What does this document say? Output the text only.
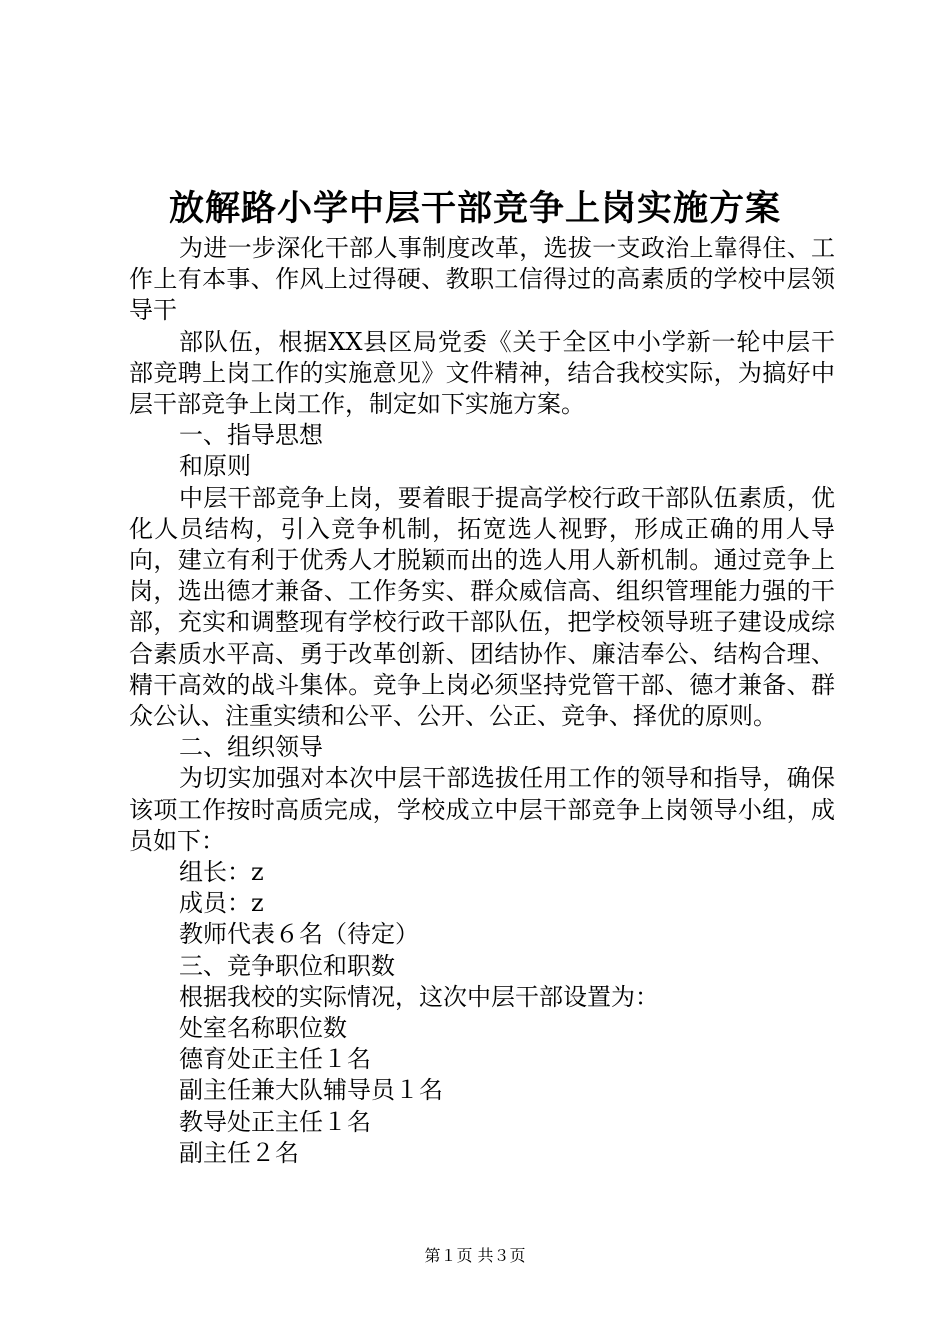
放解路小学中层干部竞争上岗实施方案

为进一步深化干部人事制度改革，选拔一支政治上靠得住、工作上有本事、作风上过得硬、教职工信得过的高素质的学校中层领导干

部队伍，根据XX县区局党委《关于全区中小学新一轮中层干部竞聘上岗工作的实施意见》文件精神，结合我校实际，为搞好中层干部竞争上岗工作，制定如下实施方案。

一、指导思想

和原则

中层干部竞争上岗，要着眼于提高学校行政干部队伍素质，优化人员结构，引入竞争机制，拓宽选人视野，形成正确的用人导向，建立有利于优秀人才脱颖而出的选人用人新机制。通过竞争上岗，选出德才兼备、工作务实、群众威信高、组织管理能力强的干部，充实和调整现有学校行政干部队伍，把学校领导班子建设成综合素质水平高、勇于改革创新、团结协作、廉洁奉公、结构合理、精干高效的战斗集体。竞争上岗必须坚持党管干部、德才兼备、群众公认、注重实绩和公平、公开、公正、竞争、择优的原则。

二、组织领导

为切实加强对本次中层干部选拔任用工作的领导和指导，确保该项工作按时高质完成，学校成立中层干部竞争上岗领导小组，成员如下：

组长：z

成员：z

教师代表６名（待定）

三、竞争职位和职数

根据我校的实际情况，这次中层干部设置为：

处室名称职位数

德育处正主任１名

副主任兼大队辅导员１名

教导处正主任１名

副主任２名

第１页 共３页
